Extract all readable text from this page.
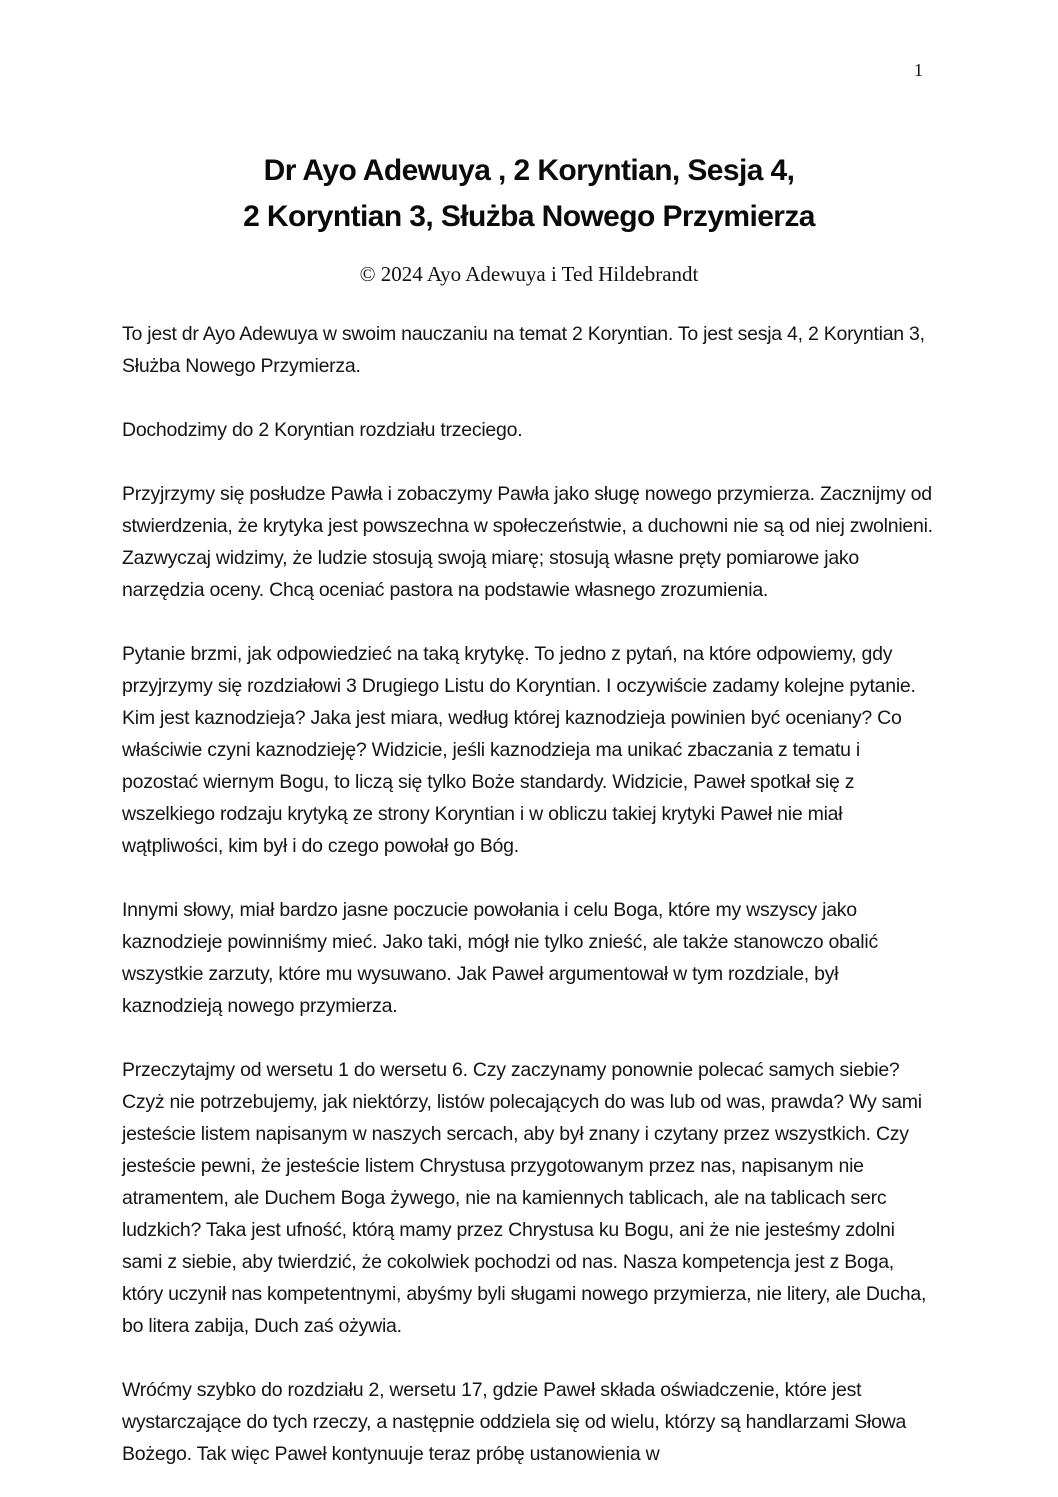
1
Dr Ayo Adewuya , 2 Koryntian, Sesja 4,
2 Koryntian 3, Służba Nowego Przymierza
© 2024 Ayo Adewuya i Ted Hildebrandt

To jest dr Ayo Adewuya w swoim nauczaniu na temat 2 Koryntian. To jest sesja 4, 2 Koryntian 3, Służba Nowego Przymierza.

Dochodzimy do 2 Koryntian rozdziału trzeciego.

Przyjrzymy się posłudze Pawła i zobaczymy Pawła jako sługę nowego przymierza. Zacznijmy od stwierdzenia, że krytyka jest powszechna w społeczeństwie, a duchowni nie są od niej zwolnieni. Zazwyczaj widzimy, że ludzie stosują swoją miarę; stosują własne pręty pomiarowe jako narzędzia oceny. Chcą oceniać pastora na podstawie własnego zrozumienia.

Pytanie brzmi, jak odpowiedzieć na taką krytykę. To jedno z pytań, na które odpowiemy, gdy przyjrzymy się rozdziałowi 3 Drugiego Listu do Koryntian. I oczywiście zadamy kolejne pytanie. Kim jest kaznodzieja? Jaka jest miara, według której kaznodzieja powinien być oceniany? Co właściwie czyni kaznodzieję? Widzicie, jeśli kaznodzieja ma unikać zbaczania z tematu i pozostać wiernym Bogu, to liczą się tylko Boże standardy. Widzicie, Paweł spotkał się z wszelkiego rodzaju krytyką ze strony Koryntian i w obliczu takiej krytyki Paweł nie miał wątpliwości, kim był i do czego powołał go Bóg.

Innymi słowy, miał bardzo jasne poczucie powołania i celu Boga, które my wszyscy jako kaznodzieje powinniśmy mieć. Jako taki, mógł nie tylko znieść, ale także stanowczo obalić wszystkie zarzuty, które mu wysuwano. Jak Paweł argumentował w tym rozdziale, był kaznodzieją nowego przymierza.

Przeczytajmy od wersetu 1 do wersetu 6. Czy zaczynamy ponownie polecać samych siebie? Czyż nie potrzebujemy, jak niektórzy, listów polecających do was lub od was, prawda? Wy sami jesteście listem napisanym w naszych sercach, aby był znany i czytany przez wszystkich. Czy jesteście pewni, że jesteście listem Chrystusa przygotowanym przez nas, napisanym nie atramentem, ale Duchem Boga żywego, nie na kamiennych tablicach, ale na tablicach serc ludzkich? Taka jest ufność, którą mamy przez Chrystusa ku Bogu, ani że nie jesteśmy zdolni sami z siebie, aby twierdzić, że cokolwiek pochodzi od nas. Nasza kompetencja jest z Boga, który uczynił nas kompetentnymi, abyśmy byli sługami nowego przymierza, nie litery, ale Ducha, bo litera zabija, Duch zaś ożywia.

Wróćmy szybko do rozdziału 2, wersetu 17, gdzie Paweł składa oświadczenie, które jest wystarczające do tych rzeczy, a następnie oddziela się od wielu, którzy są handlarzami Słowa Bożego. Tak więc Paweł kontynuuje teraz próbę ustanowienia w
